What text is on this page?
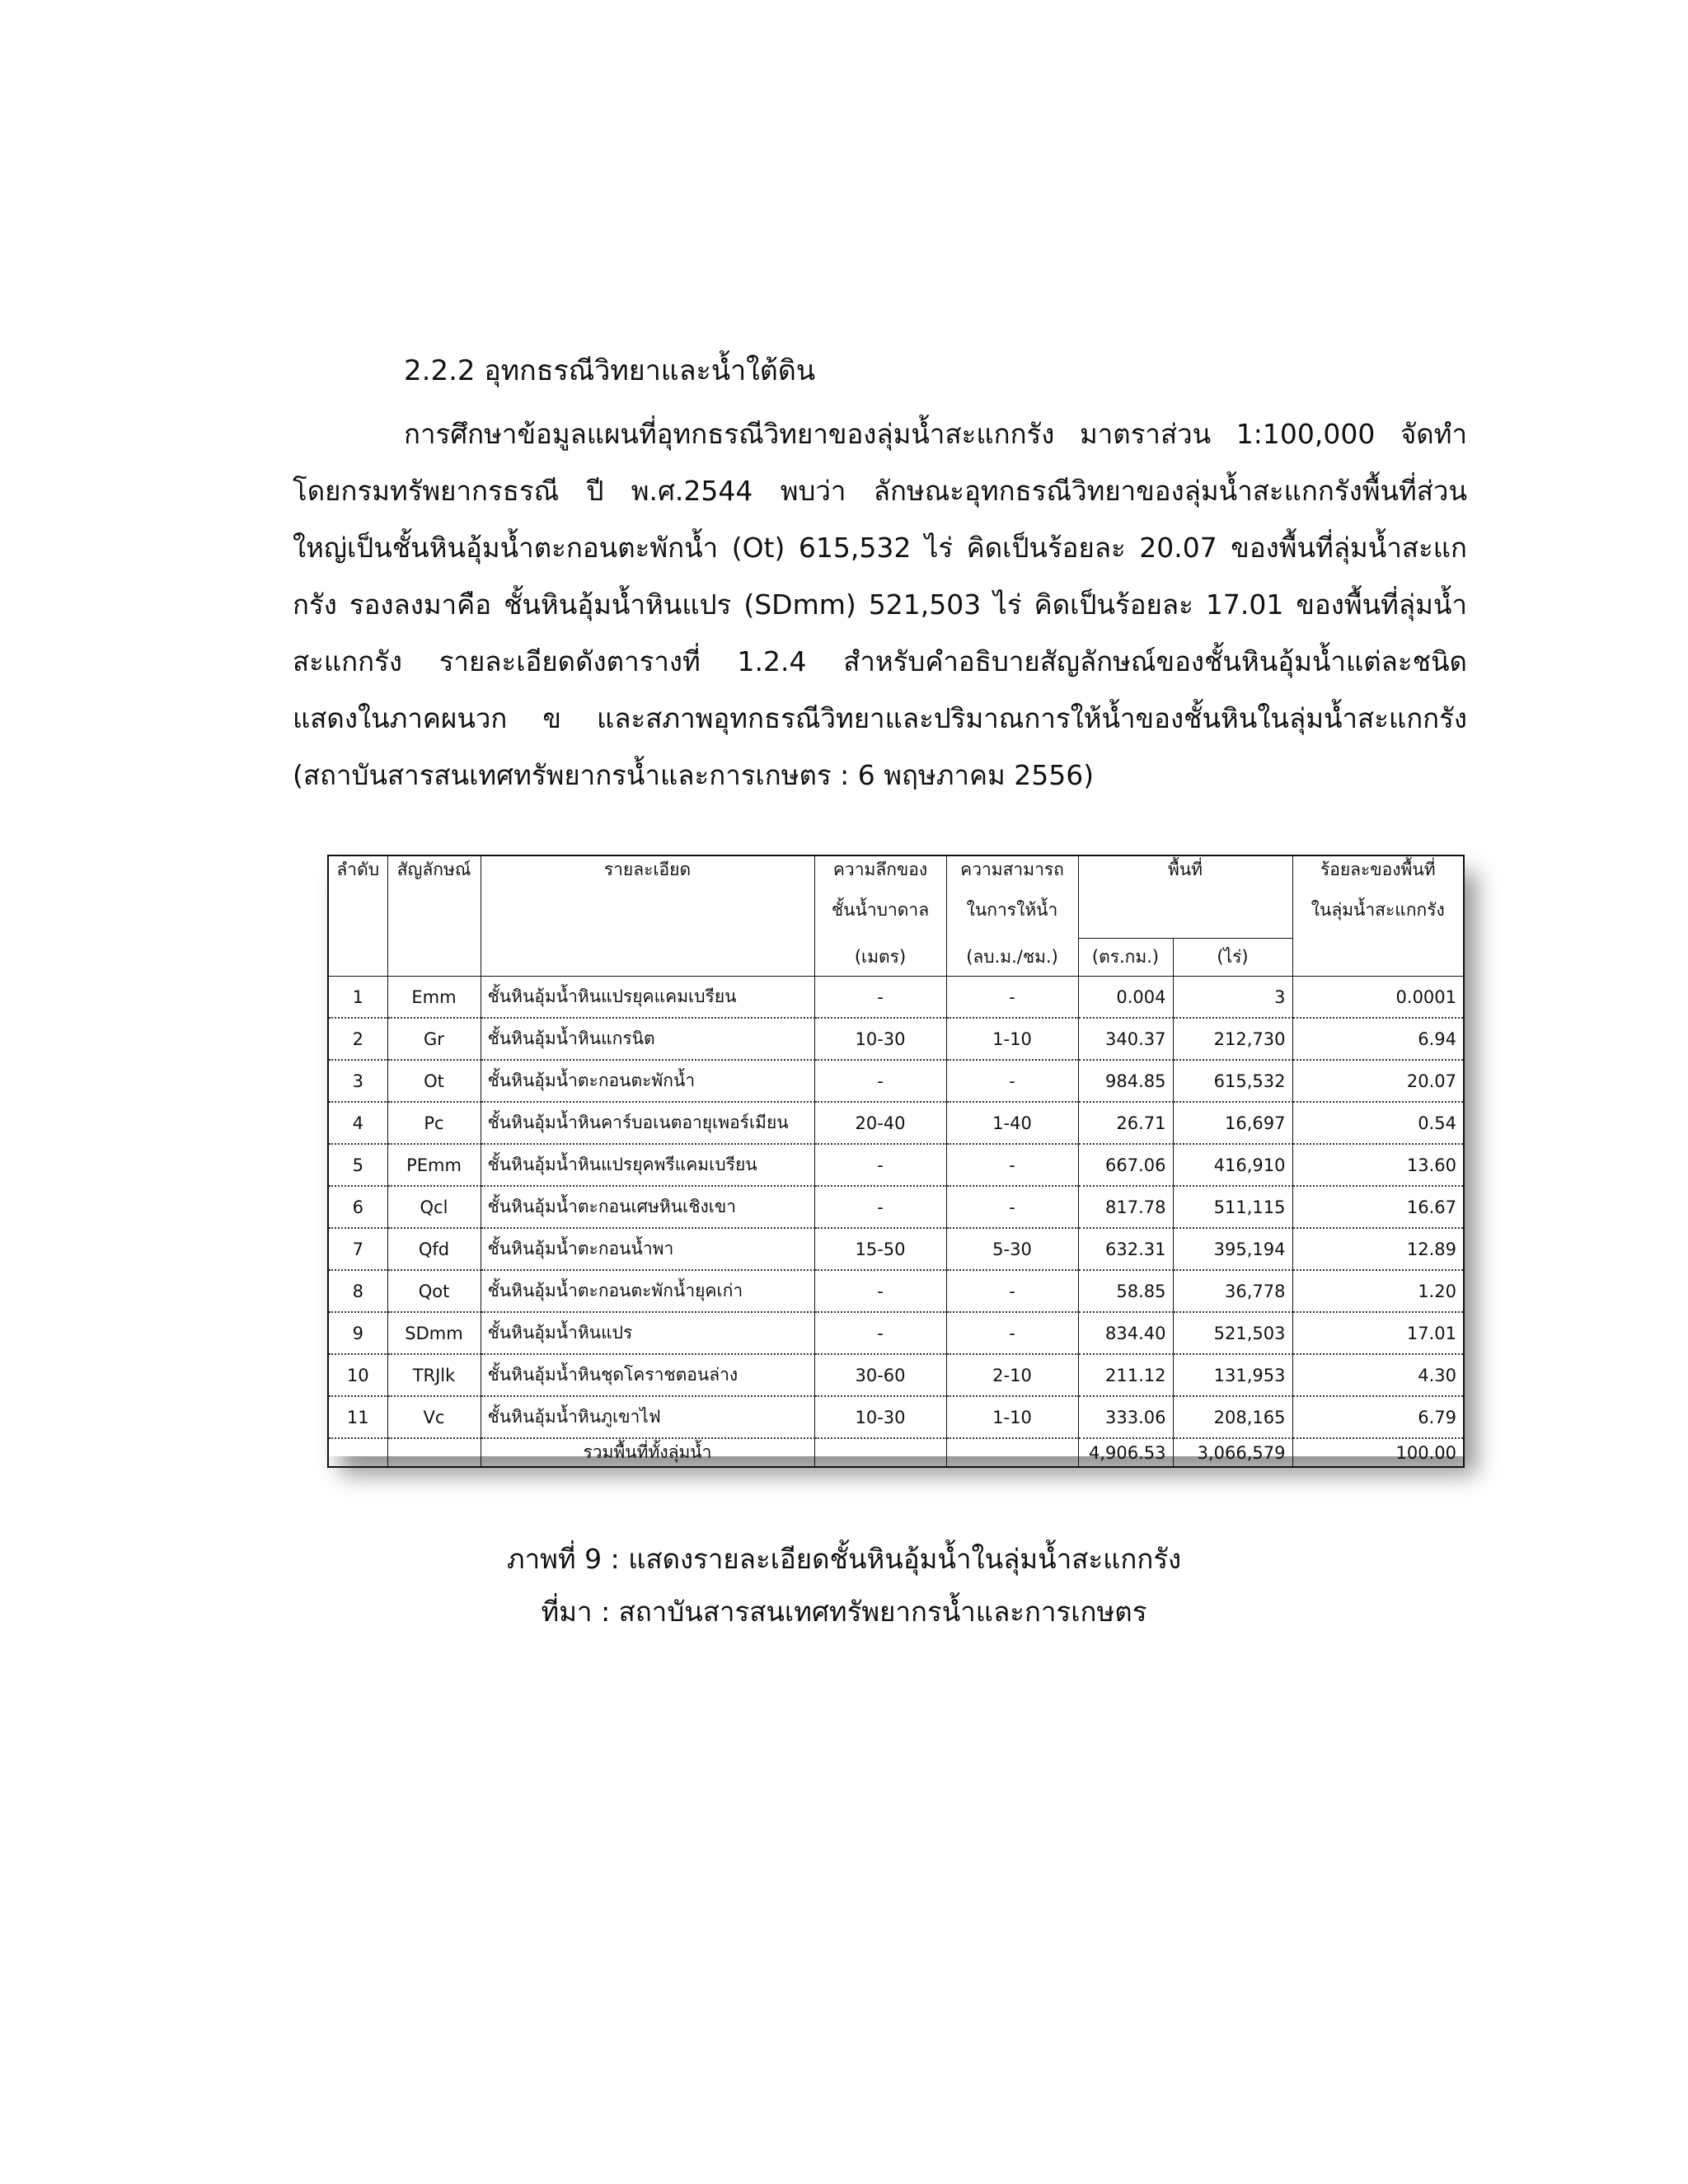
2.2.2 อุทกธรณีวิทยาและน้ำใต้ดิน
การศึกษาข้อมูลแผนที่อุทกธรณีวิทยาของลุ่มน้ำสะแกกรัง มาตราส่วน 1:100,000 จัดทำ
โดยกรมทรัพยากรธรณี ปี พ.ศ.2544 พบว่า ลักษณะอุทกธรณีวิทยาของลุ่มน้ำสะแกกรังพื้นที่ส่วน
ใหญ่เป็นชั้นหินอุ้มน้ำตะกอนตะพักน้ำ (Ot) 615,532 ไร่ คิดเป็นร้อยละ 20.07 ของพื้นที่ลุ่มน้ำสะแก
กรัง รองลงมาคือ ชั้นหินอุ้มน้ำหินแปร (SDmm) 521,503 ไร่ คิดเป็นร้อยละ 17.01 ของพื้นที่ลุ่มน้ำ
สะแกกรัง รายละเอียดดังตารางที่ 1.2.4 สำหรับคำอธิบายสัญลักษณ์ของชั้นหินอุ้มน้ำแต่ละชนิด
แสดงในภาคผนวก ข และสภาพอุทกธรณีวิทยาและปริมาณการให้น้ำของชั้นหินในลุ่มน้ำสะแกกรัง
(สถาบันสารสนเทศทรัพยากรน้ำและการเกษตร : 6 พฤษภาคม 2556)
ลำดับ	สัญลักษณ์	รายละเอียด	ความลึกของ	ความสามารถ	พื้นที่		ร้อยละของพื้นที่
			ชั้นน้ำบาดาล	ในการให้น้ำ			ในลุ่มน้ำสะแกกรัง
			(เมตร)	(ลบ.ม./ชม.)	(ตร.กม.)	(ไร่)	
1	Emm	ชั้นหินอุ้มน้ำหินแปรยุคแคมเบรียน	-	-	0.004	3	0.0001
2	Gr	ชั้นหินอุ้มน้ำหินแกรนิต	10-30	1-10	340.37	212,730	6.94
3	Ot	ชั้นหินอุ้มน้ำตะกอนตะพักน้ำ	-	-	984.85	615,532	20.07
4	Pc	ชั้นหินอุ้มน้ำหินคาร์บอเนตอายุเพอร์เมียน	20-40	1-40	26.71	16,697	0.54
5	PEmm	ชั้นหินอุ้มน้ำหินแปรยุคพรีแคมเบรียน	-	-	667.06	416,910	13.60
6	Qcl	ชั้นหินอุ้มน้ำตะกอนเศษหินเชิงเขา	-	-	817.78	511,115	16.67
7	Qfd	ชั้นหินอุ้มน้ำตะกอนน้ำพา	15-50	5-30	632.31	395,194	12.89
8	Qot	ชั้นหินอุ้มน้ำตะกอนตะพักน้ำยุคเก่า	-	-	58.85	36,778	1.20
9	SDmm	ชั้นหินอุ้มน้ำหินแปร	-	-	834.40	521,503	17.01
10	TRJlk	ชั้นหินอุ้มน้ำหินชุดโคราชตอนล่าง	30-60	2-10	211.12	131,953	4.30
11	Vc	ชั้นหินอุ้มน้ำหินภูเขาไฟ	10-30	1-10	333.06	208,165	6.79
		รวมพื้นที่ทั้งลุ่มน้ำ			4,906.53	3,066,579	100.00
ภาพที่ 9 : แสดงรายละเอียดชั้นหินอุ้มน้ำในลุ่มน้ำสะแกกรัง
ที่มา : สถาบันสารสนเทศทรัพยากรน้ำและการเกษตร
